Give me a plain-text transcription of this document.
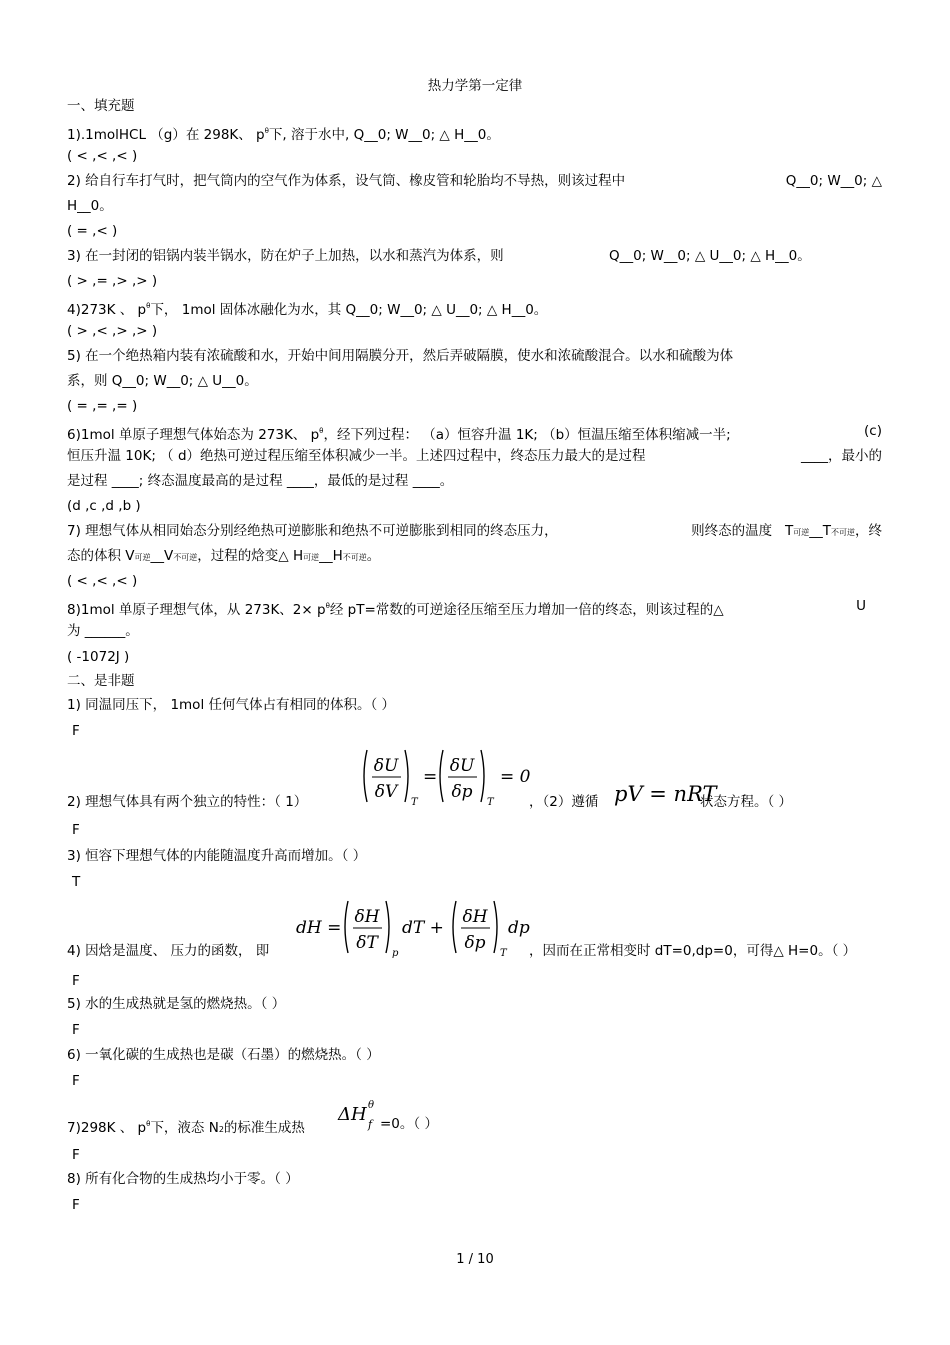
热力学第一定律
一、填充题
1).1molHCL （g）在 298K、 $p^\theta$下, 溶于水中, Q__0; W__0; △ H__0。
( < ,< ,< )
2) 给自行车打气时，把气筒内的空气作为体系，设气筒、橡皮管和轮胎均不导热，则该过程中	Q__0; W__0; △
H__0。
( = ,< )
3) 在一封闭的铝锅内装半锅水，防在炉子上加热，以水和蒸汽为体系，则	Q__0; W__0; △ U__0; △ H__0。
( > ,= ,> ,> )
4)273K 、 $p^\theta$下， 1mol 固体冰融化为水，其 Q__0; W__0; △ U__0; △ H__0。
( > ,< ,> ,> )
5) 在一个绝热箱内装有浓硫酸和水，开始中间用隔膜分开，然后弄破隔膜，使水和浓硫酸混合。以水和硫酸为体
系，则 Q__0; W__0; △ U__0。
( = ,= ,= )
6)1mol 单原子理想气体始态为 273K、 $p^\theta$，经下列过程： （a）恒容升温 1K; （b）恒温压缩至体积缩减一半;	(c)
恒压升温 10K; （ d）绝热可逆过程压缩至体积减少一半。上述四过程中，终态压力最大的是过程	____，最小的
是过程 ____; 终态温度最高的是过程 ____，最低的是过程 ____。
(d ,c ,d ,b )
7) 理想气体从相同始态分别经绝热可逆膨胀和绝热不可逆膨胀到相同的终态压力，	则终态的温度 T可逆__T不可逆，终
态的体积 V可逆__V不可逆，过程的焓变△ H可逆__H不可逆。
( < ,< ,< )
8)1mol 单原子理想气体，从 273K、$2\times p^\theta$经 pT=常数的可逆途径压缩至压力增加一倍的终态，则该过程的△	U
为 ______。
( -1072J )
二、是非题
1) 同温同压下， 1mol 任何气体占有相同的体积。（ ）
F
δU
δV
T
=
δU
δp
T
= 0
2) 理想气体具有两个独立的特性：（ 1）	，（2）遵循 pV = nRT
状态方程。（ ）
F
3) 恒容下理想气体的内能随温度升高而增加。（ ）
T
dH =
δH
δT
p
dT +
δH
δp
T
dp
4) 因焓是温度、 压力的函数， 即	，因而在正常相变时 dT=0,dp=0，可得△ H=0。（ ）
F
5) 水的生成热就是氢的燃烧热。（ ）
F
6) 一氧化碳的生成热也是碳（石墨）的燃烧热。（ ）
F
7)298K 、 $p^\theta$下，液态 N2的标准生成热
ΔH θ
f =0。（ ）
F
8) 所有化合物的生成热均小于零。（ ）
F
1 / 10
